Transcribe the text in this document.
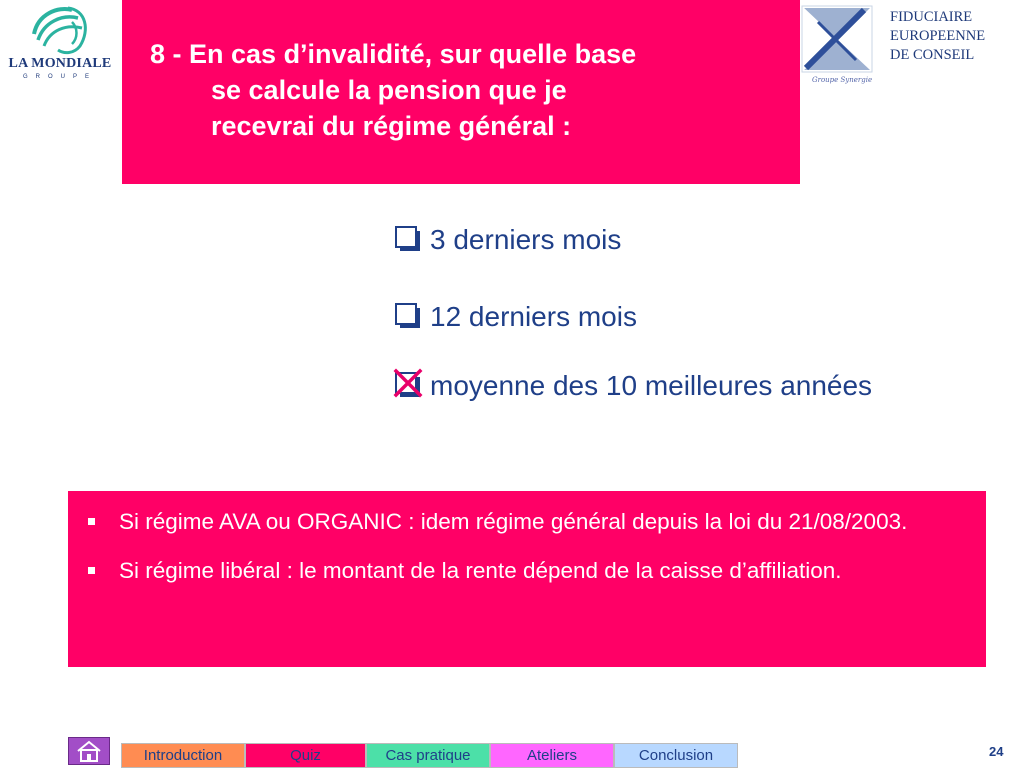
LA MONDIALE
GROUPE
8 - En cas d’invalidité, sur quelle base
se calcule la pension que je
recevrai du régime général :
Groupe Synergie
FIDUCIAIRE
EUROPEENNE
DE CONSEIL
3 derniers mois
12 derniers mois
moyenne des 10 meilleures années
Si régime AVA ou ORGANIC : idem régime général depuis la loi du 21/08/2003.
Si régime libéral : le montant de la rente dépend de la caisse d’affiliation.
Introduction	Quiz	Cas pratique	Ateliers	Conclusion	24
